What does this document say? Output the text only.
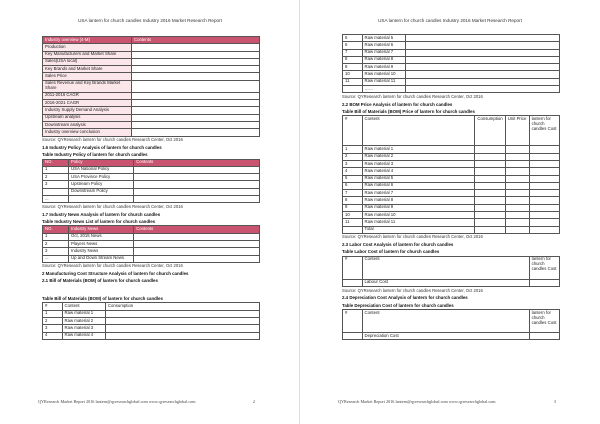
USA lantern for church candles Industry 2016 Market Research Report
Industry overview (4-M)	Contents
Production	
Key Manufacturers and Market Share	
Sales(USA local)	
Key Brands and Market Share	
Sales Price	
Sales Revenue and Key Brands Market Share	
2011-2016 CAGR	
2016-2021 CAGR	
Industry Supply Demand Analysis	
Upstream analysis	
Downstream analysis	
Industry overview conclusion	
Source: QYResearch lantern for church candles Research Center, Oct 2016
1.6 Industry Policy Analysis of lantern for church candles
Table Industry Policy of lantern for church candles
NO.	Policy	Contents
1	USA National Policy	
2	USA Province Policy	
3	Upstream Policy	
	Downstream Policy	
...		
Source: QYResearch lantern for church candles Research Center, Oct 2016
1.7 Industry News Analysis of lantern for church candles
Table Industry News List of lantern for church candles
NO.	Industry News	Contents
1	Oct, 2015 News	
2	Players News	
3	Industry News	
...	Up and Down Stream News	
Source: QYResearch lantern for church candles Research Center, Oct 2016
2 Manufacturing Cost Structure Analysis of lantern for church candles
2.1 Bill of Materials (BOM) of lantern for church candles
Table Bill of Materials (BOM) of lantern for church candles
#	Content	Consumption
1	Raw material 1	
2	Raw material 2	
3	Raw material 3	
4	Raw material 4	
QYResearch Market Report 2016 lantern@qyresearchglobal.com www.qyresearchglobal.com	2
USA lantern for church candles Industry 2016 Market Research Report
5	Raw material 5	
6	Raw material 6	
7	Raw material 7	
8	Raw material 8	
9	Raw material 9	
10	Raw material 10	
11	Raw material 11	
	……	
Source: QYResearch lantern for church candles Research Center, Oct 2016
2.2 BOM Price Analysis of lantern for church candles
Table Bill of Materials (BOM) Price of lantern for church candles
#	Content	Consumption	Unit Price	lantern for church candles Cost
1	Raw material 1			
2	Raw material 2			
3	Raw material 3			
4	Raw material 4			
5	Raw material 5			
6	Raw material 6			
7	Raw material 7			
8	Raw material 8			
9	Raw material 9			
10	Raw material 10			
11	Raw material 11			
	Total			
Source: QYResearch lantern for church candles Research Center, Oct 2016
2.3 Labor Cost Analysis of lantern for church candles
Table Labor Cost of lantern for church candles
#	Content	lantern for church candles Cost
	Labour Cost	
Source: QYResearch lantern for church candles Research Center, Oct 2016
2.4 Depreciation Cost Analysis of lantern for church candles
Table Depreciation Cost of lantern for church candles
#	Content	lantern for church candles Cost
	Depreciation Cost	
QYResearch Market Report 2016 lantern@qyresearchglobal.com www.qyresearchglobal.com	3
